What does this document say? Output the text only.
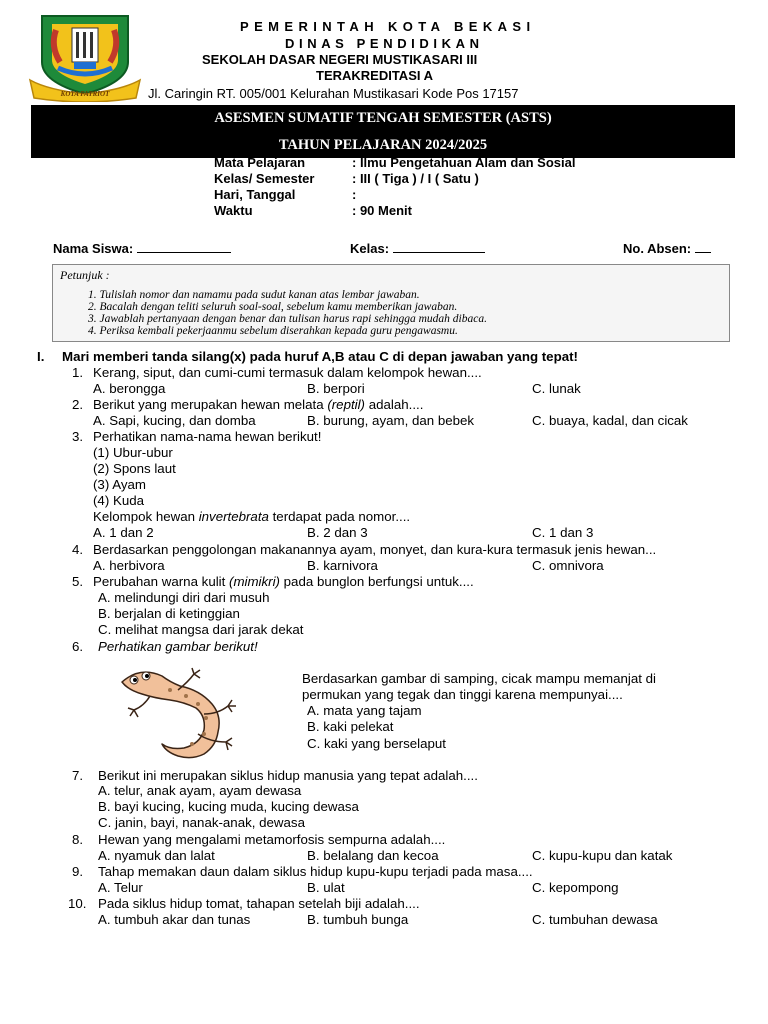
KOTA PATRIOT
PEMERINTAH KOTA BEKASI
DINAS PENDIDIKAN
SEKOLAH DASAR NEGERI MUSTIKASARI III
TERAKREDITASI A
Jl. Caringin RT. 005/001 Kelurahan Mustikasari Kode Pos 17157
ASESMEN SUMATIF TENGAH SEMESTER (ASTS)
TAHUN PELAJARAN 2024/2025
Mata Pelajaran	: Ilmu Pengetahuan Alam dan Sosial
Kelas/ Semester	: III ( Tiga ) / I ( Satu )
Hari, Tanggal	:
Waktu	: 90 Menit
Nama Siswa:	Kelas:	No. Absen:
Petunjuk :
1. Tulislah nomor dan namamu pada sudut kanan atas lembar jawaban.
2. Bacalah dengan teliti seluruh soal-soal, sebelum kamu memberikan jawaban.
3. Jawablah pertanyaan dengan benar dan tulisan harus rapi sehingga mudah dibaca.
4. Periksa kembali pekerjaanmu sebelum diserahkan kepada guru pengawasmu.
I. Mari memberi tanda silang(x) pada huruf A,B atau C di depan jawaban yang tepat!
1. Kerang, siput, dan cumi-cumi termasuk dalam kelompok hewan....
A. berongga	B. berpori	C. lunak
2. Berikut yang merupakan hewan melata (reptil) adalah....
A. Sapi, kucing, dan domba	B. burung, ayam, dan bebek	C. buaya, kadal, dan cicak
3. Perhatikan nama-nama hewan berikut!
(1) Ubur-ubur
(2) Spons laut
(3) Ayam
(4) Kuda
Kelompok hewan invertebrata terdapat pada nomor....
A. 1 dan 2	B. 2 dan 3	C. 1 dan 3
4. Berdasarkan penggolongan makanannya ayam, monyet, dan kura-kura termasuk jenis hewan...
A. herbivora	B. karnivora	C. omnivora
5. Perubahan warna kulit (mimikri) pada bunglon berfungsi untuk....
A. melindungi diri dari musuh
B. berjalan di ketinggian
C. melihat mangsa dari jarak dekat
6. Perhatikan gambar berikut!
Berdasarkan gambar di samping, cicak mampu memanjat di
permukan yang tegak dan tinggi karena mempunyai....
A. mata yang tajam
B. kaki pelekat
C. kaki yang berselaput
7. Berikut ini merupakan siklus hidup manusia yang tepat adalah....
A. telur, anak ayam, ayam dewasa
B. bayi kucing, kucing muda, kucing dewasa
C. janin, bayi, nanak-anak, dewasa
8. Hewan yang mengalami metamorfosis sempurna adalah....
A. nyamuk dan lalat	B. belalang dan kecoa	C. kupu-kupu dan katak
9. Tahap memakan daun dalam siklus hidup kupu-kupu terjadi pada masa....
A. Telur	B. ulat	C. kepompong
10. Pada siklus hidup tomat, tahapan setelah biji adalah....
A. tumbuh akar dan tunas	B. tumbuh bunga	C. tumbuhan dewasa
